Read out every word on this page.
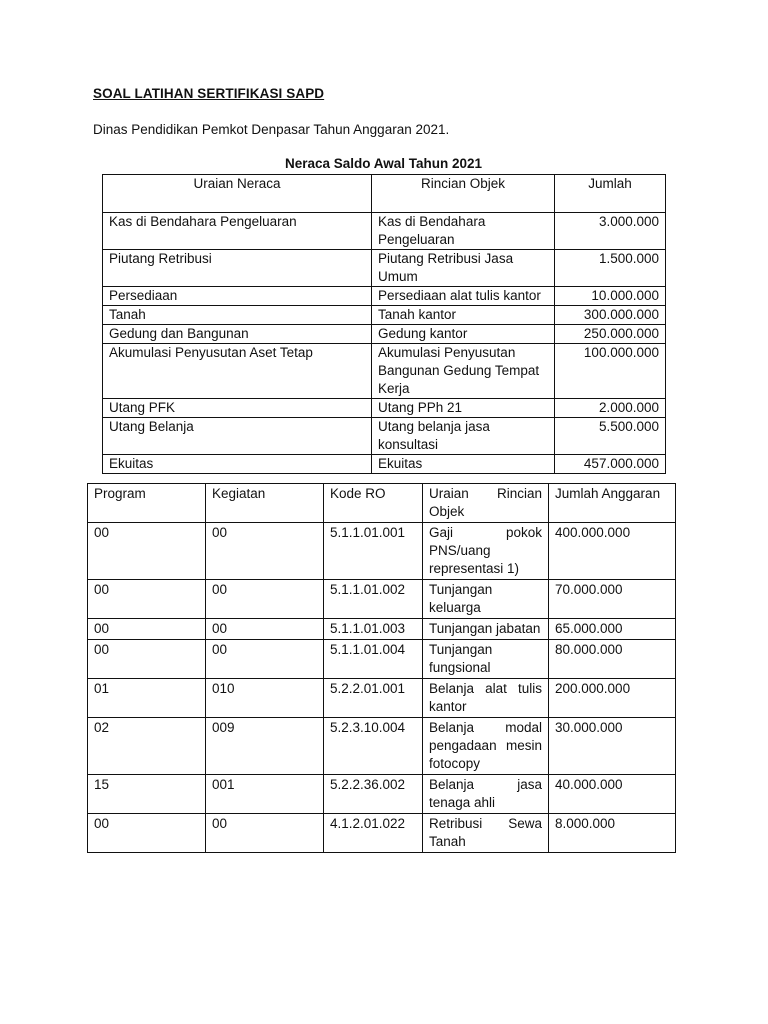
SOAL LATIHAN SERTIFIKASI SAPD
Dinas Pendidikan Pemkot Denpasar Tahun Anggaran 2021.
Neraca Saldo Awal Tahun 2021
Uraian Neraca	Rincian Objek	Jumlah
Kas di Bendahara Pengeluaran	Kas di Bendahara Pengeluaran	3.000.000
Piutang Retribusi	Piutang Retribusi Jasa Umum	1.500.000
Persediaan	Persediaan alat tulis kantor	10.000.000
Tanah	Tanah kantor	300.000.000
Gedung dan Bangunan	Gedung kantor	250.000.000
Akumulasi Penyusutan Aset Tetap	Akumulasi Penyusutan Bangunan Gedung Tempat Kerja	100.000.000
Utang PFK	Utang PPh 21	2.000.000
Utang Belanja	Utang belanja jasa konsultasi	5.500.000
Ekuitas	Ekuitas	457.000.000
Program	Kegiatan	Kode RO	Uraian Rincian Objek	Jumlah Anggaran
00	00	5.1.1.01.001	Gaji pokok PNS/uang representasi 1)	400.000.000
00	00	5.1.1.01.002	Tunjangan keluarga	70.000.000
00	00	5.1.1.01.003	Tunjangan jabatan	65.000.000
00	00	5.1.1.01.004	Tunjangan fungsional	80.000.000
01	010	5.2.2.01.001	Belanja alat tulis kantor	200.000.000
02	009	5.2.3.10.004	Belanja modal pengadaan mesin fotocopy	30.000.000
15	001	5.2.2.36.002	Belanja jasa tenaga ahli	40.000.000
00	00	4.1.2.01.022	Retribusi Sewa Tanah	8.000.000
